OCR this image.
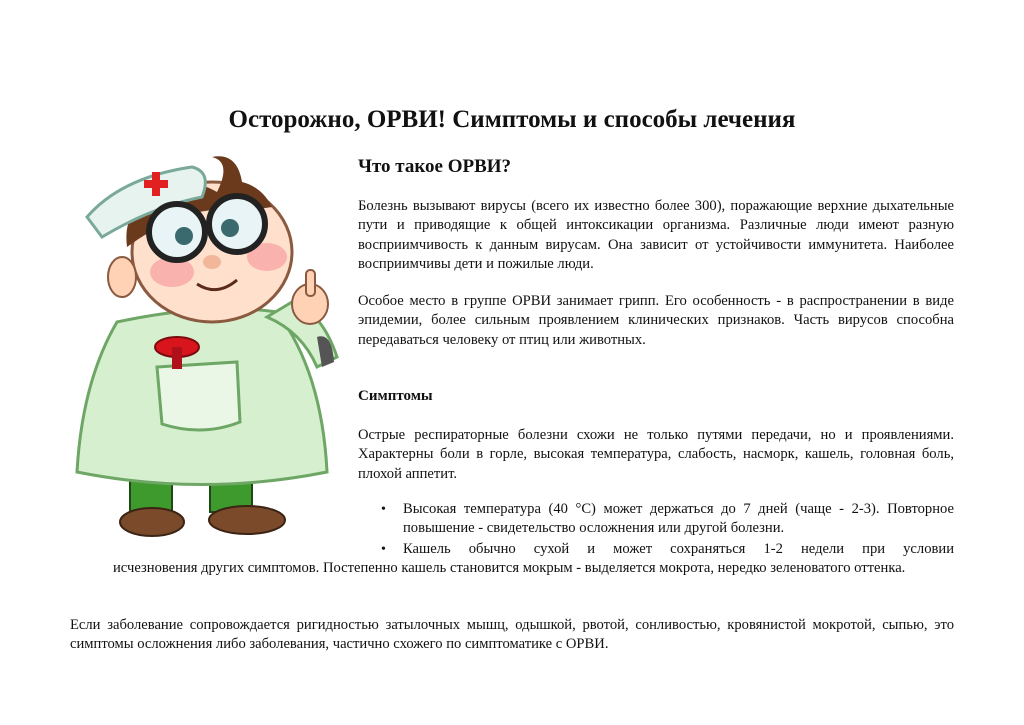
Осторожно, ОРВИ! Симптомы и способы лечения
Что такое ОРВИ?

Болезнь вызывают вирусы (всего их известно более 300), поражающие верхние дыхательные пути и приводящие к общей интоксикации организма. Различные люди имеют разную восприимчивость к данным вирусам. Она зависит от устойчивости иммунитета. Наиболее восприимчивы дети и пожилые люди.

Особое место в группе ОРВИ занимает грипп. Его особенность - в распространении в виде эпидемии, более сильным проявлением клинических признаков. Часть вирусов способна передаваться человеку от птиц или животных.

Симптомы

Острые респираторные болезни схожи не только путями передачи, но и проявлениями. Характерны боли в горле, высокая температура, слабость, насморк, кашель, головная боль, плохой аппетит.

• Высокая температура (40 °С) может держаться до 7 дней (чаще - 2-3). Повторное повышение - свидетельство осложнения или другой болезни.
• Кашель обычно сухой и может сохраняться 1-2 недели при условии

исчезновения других симптомов. Постепенно кашель становится мокрым - выделяется мокрота, нередко зеленоватого оттенка.

Если заболевание сопровождается ригидностью затылочных мышц, одышкой, рвотой, сонливостью, кровянистой мокротой, сыпью, это симптомы осложнения либо заболевания, частично схожего по симптоматике с ОРВИ.
